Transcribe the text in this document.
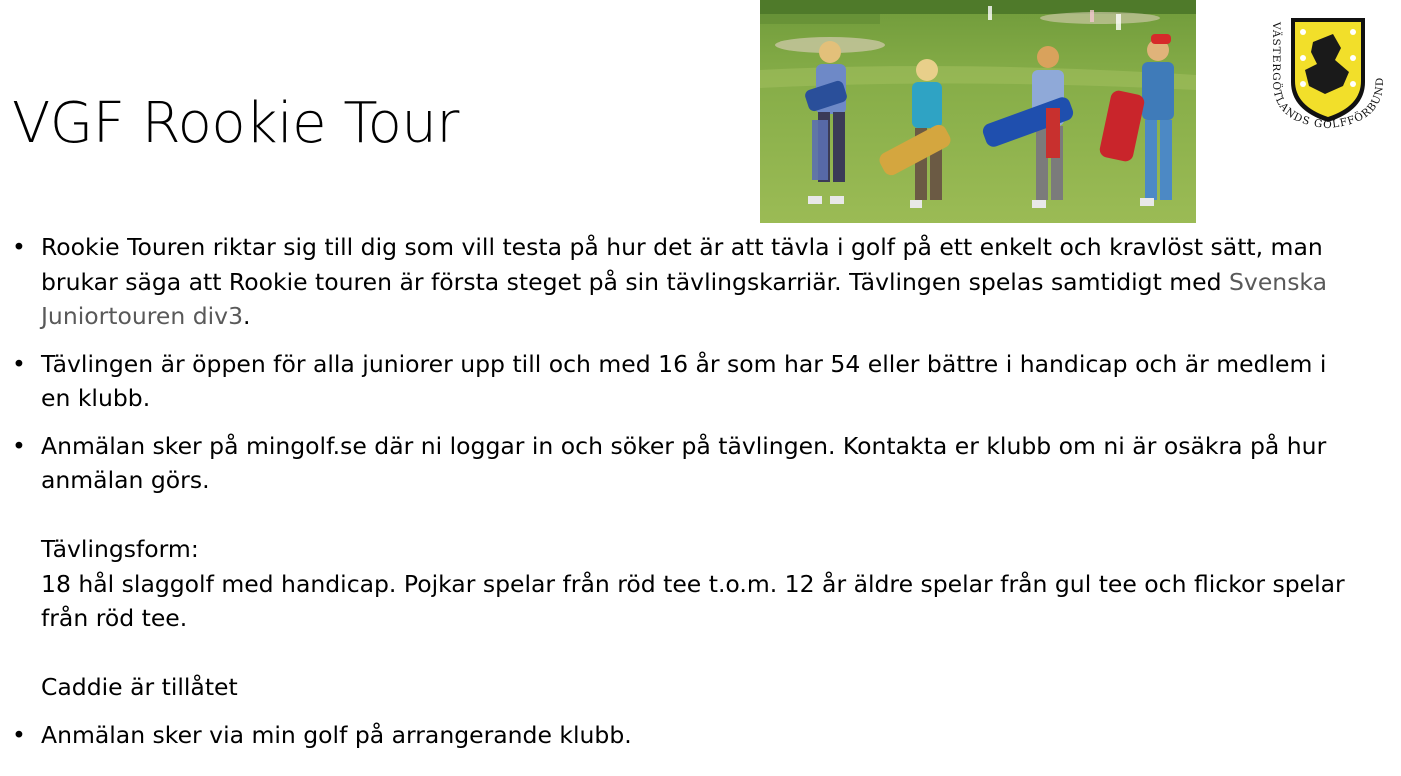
VGF Rookie Tour
VÄSTERGÖTLANDS GOLFFÖRBUND
• Rookie Touren riktar sig till dig som vill testa på hur det är att tävla i golf på ett enkelt och kravlöst sätt, man brukar säga att Rookie touren är första steget på sin tävlingskarriär. Tävlingen spelas samtidigt med Svenska Juniortouren div3.
• Tävlingen är öppen för alla juniorer upp till och med 16 år som har 54 eller bättre i handicap och är medlem i en klubb.
• Anmälan sker på mingolf.se där ni loggar in och söker på tävlingen. Kontakta er klubb om ni är osäkra på hur anmälan görs.
Tävlingsform:
18 hål slaggolf med handicap. Pojkar spelar från röd tee t.o.m. 12 år äldre spelar från gul tee och flickor spelar från röd tee.
Caddie är tillåtet
• Anmälan sker via min golf på arrangerande klubb.
